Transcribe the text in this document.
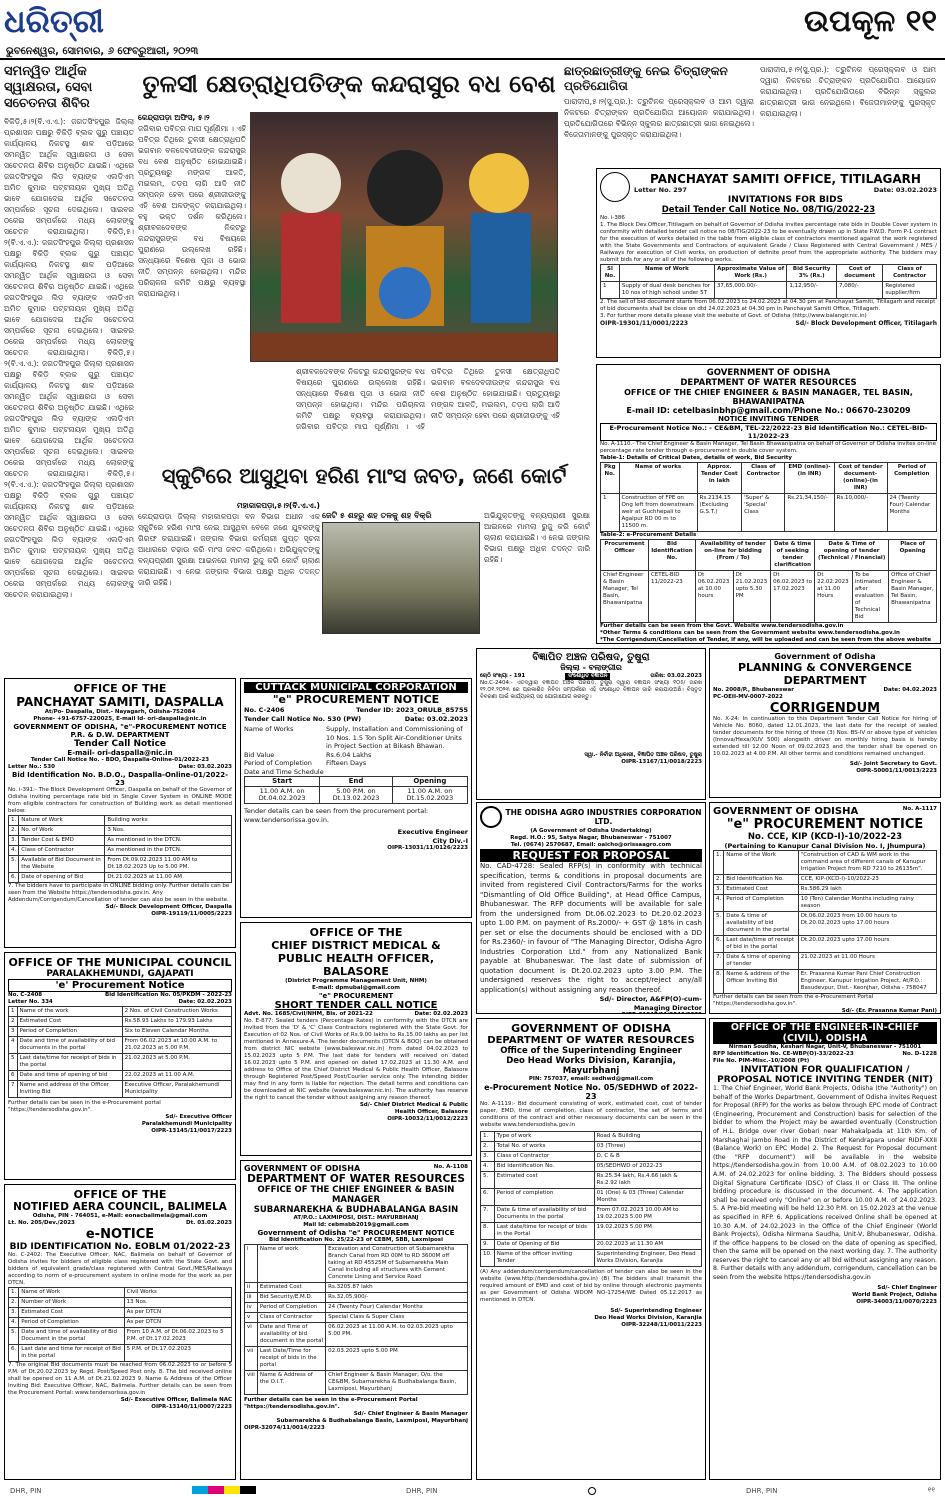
ଧରିତ୍ରୀ	ଉପକୂଳ ୧୧
ଭୁବନେଶ୍ୱର, ସୋମବାର, ୬ ଫେବ୍ରୁଆରୀ, ୨୦୨୩
ସମନ୍ୱିତ ଆର୍ଥିକ ସ୍ୱାକ୍ଷରତା, ସେବା ସଚେତନତା ଶିବିର
ବିକିଡ଼ି,୫।୨(ବି.ଏ.ଏ.): ଜଗତସିଂହପୁର ଜିଲ୍ଲା ପ୍ରଶାସନ ପକ୍ଷରୁ ବିକିଡ଼ି ବ୍ଲକ ଗୁରୁ ପଞ୍ଚାୟତ କାର୍ଯ୍ୟାଳୟ ନିକଟସ୍ଥ ଶାଳ ପଡ଼ିଆରେ ସମନ୍ୱିତ ଆର୍ଥିକ ସ୍ୱାକ୍ଷରତା ଓ ସେବା ସଚେତନତା ଶିବିର ଅନୁଷ୍ଠିତ ଯାଇଛି। ଏଥିରେ ଜଗତସିଂହପୁର ଲିଡ଼ ବ୍ୟାଙ୍କ ଏଲଡ଼ିଏମ ଅମିତ କୁମାର ପଟ୍ଟନାୟକ ମୁଖ୍ୟ ଅତିଥି ଭାବେ ଯୋଗଦେଇ ଆର୍ଥିକ ସଚେତନତା ସମ୍ପର୍କରେ ସୂଚନା ଦେଇଥିଲେ। ସାଇବର ଠକେଇ ସମ୍ପର୍କରେ ମଧ୍ୟ ଲୋକଙ୍କୁ ସଚେତନ କରାଯାଇଥିଲା।	ବିକିଡ଼ି,୫।୨(ବି.ଏ.ଏ.): ଜଗତସିଂହପୁର ଜିଲ୍ଲା ପ୍ରଶାସନ ପକ୍ଷରୁ ବିକିଡ଼ି ବ୍ଲକ ଗୁରୁ ପଞ୍ଚାୟତ କାର୍ଯ୍ୟାଳୟ ନିକଟସ୍ଥ ଶାଳ ପଡ଼ିଆରେ ସମନ୍ୱିତ ଆର୍ଥିକ ସ୍ୱାକ୍ଷରତା ଓ ସେବା ସଚେତନତା ଶିବିର ଅନୁଷ୍ଠିତ ଯାଇଛି। ଏଥିରେ ଜଗତସିଂହପୁର ଲିଡ଼ ବ୍ୟାଙ୍କ ଏଲଡ଼ିଏମ ଅମିତ କୁମାର ପଟ୍ଟନାୟକ ମୁଖ୍ୟ ଅତିଥି ଭାବେ ଯୋଗଦେଇ ଆର୍ଥିକ ସଚେତନତା ସମ୍ପର୍କରେ ସୂଚନା ଦେଇଥିଲେ। ସାଇବର ଠକେଇ ସମ୍ପର୍କରେ ମଧ୍ୟ ଲୋକଙ୍କୁ ସଚେତନ କରାଯାଇଥିଲା।	ବିକିଡ଼ି,୫।୨(ବି.ଏ.ଏ.): ଜଗତସିଂହପୁର ଜିଲ୍ଲା ପ୍ରଶାସନ ପକ୍ଷରୁ ବିକିଡ଼ି ବ୍ଲକ ଗୁରୁ ପଞ୍ଚାୟତ କାର୍ଯ୍ୟାଳୟ ନିକଟସ୍ଥ ଶାଳ ପଡ଼ିଆରେ ସମନ୍ୱିତ ଆର୍ଥିକ ସ୍ୱାକ୍ଷରତା ଓ ସେବା ସଚେତନତା ଶିବିର ଅନୁଷ୍ଠିତ ଯାଇଛି। ଏଥିରେ ଜଗତସିଂହପୁର ଲିଡ଼ ବ୍ୟାଙ୍କ ଏଲଡ଼ିଏମ ଅମିତ କୁମାର ପଟ୍ଟନାୟକ ମୁଖ୍ୟ ଅତିଥି ଭାବେ ଯୋଗଦେଇ ଆର୍ଥିକ ସଚେତନତା ସମ୍ପର୍କରେ ସୂଚନା ଦେଇଥିଲେ। ସାଇବର ଠକେଇ ସମ୍ପର୍କରେ ମଧ୍ୟ ଲୋକଙ୍କୁ ସଚେତନ କରାଯାଇଥିଲା।	ବିକିଡ଼ି,୫।୨(ବି.ଏ.ଏ.): ଜଗତସିଂହପୁର ଜିଲ୍ଲା ପ୍ରଶାସନ ପକ୍ଷରୁ ବିକିଡ଼ି ବ୍ଲକ ଗୁରୁ ପଞ୍ଚାୟତ କାର୍ଯ୍ୟାଳୟ ନିକଟସ୍ଥ ଶାଳ ପଡ଼ିଆରେ ସମନ୍ୱିତ ଆର୍ଥିକ ସ୍ୱାକ୍ଷରତା ଓ ସେବା ସଚେତନତା ଶିବିର ଅନୁଷ୍ଠିତ ଯାଇଛି। ଏଥିରେ ଜଗତସିଂହପୁର ଲିଡ଼ ବ୍ୟାଙ୍କ ଏଲଡ଼ିଏମ ଅମିତ କୁମାର ପଟ୍ଟନାୟକ ମୁଖ୍ୟ ଅତିଥି ଭାବେ ଯୋଗଦେଇ ଆର୍ଥିକ ସଚେତନତା ସମ୍ପର୍କରେ ସୂଚନା ଦେଇଥିଲେ। ସାଇବର ଠକେଇ ସମ୍ପର୍କରେ ମଧ୍ୟ ଲୋକଙ୍କୁ ସଚେତନ କରାଯାଇଥିଲା।
ତୁଳସୀ କ୍ଷେତ୍ରାଧିପତିଙ୍କ କନ୍ଦରାସୁର ବଧ ବେଶ
କେନ୍ଦ୍ରାପଡ଼ା ଅଫିସ, ୫।୨
ଜଗିବାର ପବିତ୍ର ମାଘ ପୂର୍ଣ୍ଣିମା । ଏହି ପବିତ୍ର ତିଥିରେ ତୁଳସୀ କ୍ଷେତ୍ରାଧିପତି ଭଗବାନ ବଳଦେବଜୀଉଙ୍କ କନ୍ଦରାସୁର ବଧ ବେଶ ଅନୁଷ୍ଠିତ ହୋଇଯାଇଛି। ପ୍ରତ୍ୟୁଷରୁ ମଙ୍ଗଳ ଆଳତି, ମଇଲମ, ତଡ଼ପ ଲାଗି ଆଦି ନୀତି ସମ୍ପନ୍ନ ହେବା ପରେ ଶ୍ରୀଜୀଉଙ୍କୁ ଏହି ବେଶ ଅଳଙ୍କୃତ କରାଯାଇଥିଲା। ବହୁ ଭକ୍ତ ଦର୍ଶନ କରିଥିଲେ। ଶ୍ରୀବଳଦେବଙ୍କ ନିକଟରୁ କନ୍ଦରାସୁରଙ୍କ ବଧ ବିଷୟରେ ପୁରାଣରେ ଉଲ୍ଲେଖ ରହିଛି। ସନ୍ଧ୍ୟାରେ ବିଶେଷ ପୂଜା ଓ ଭୋଗ ନୀତି ସମ୍ପନ୍ନ ହୋଇଥିଲା। ମନ୍ଦିର ପରିଚାଳନା କମିଟି ପକ୍ଷରୁ ବ୍ୟବସ୍ଥା କରାଯାଇଥିଲା।
ଶ୍ରୀବଳଦେବଙ୍କ ନିକଟରୁ କନ୍ଦରାସୁରଙ୍କ ବଧ ବିଷୟରେ ପୁରାଣରେ ଉଲ୍ଲେଖ ରହିଛି। ସନ୍ଧ୍ୟାରେ ବିଶେଷ ପୂଜା ଓ ଭୋଗ ନୀତି ସମ୍ପନ୍ନ ହୋଇଥିଲା। ମନ୍ଦିର ପରିଚାଳନା କମିଟି ପକ୍ଷରୁ ବ୍ୟବସ୍ଥା କରାଯାଇଥିଲା। ଜଗିବାର ପବିତ୍ର ମାଘ ପୂର୍ଣ୍ଣିମା । ଏହି ପବିତ୍ର ତିଥିରେ ତୁଳସୀ କ୍ଷେତ୍ରାଧିପତି ଭଗବାନ ବଳଦେବଜୀଉଙ୍କ କନ୍ଦରାସୁର ବଧ ବେଶ ଅନୁଷ୍ଠିତ ହୋଇଯାଇଛି। ପ୍ରତ୍ୟୁଷରୁ ମଙ୍ଗଳ ଆଳତି, ମଇଲମ, ତଡ଼ପ ଲାଗି ଆଦି ନୀତି ସମ୍ପନ୍ନ ହେବା ପରେ ଶ୍ରୀଜୀଉଙ୍କୁ ଏହି
ଛାତ୍ରଛାତ୍ରୀଙ୍କୁ ନେଇ ଚିତ୍ରାଙ୍କନ ପ୍ରତିଯୋଗିତା
ପାରାଦୀପ,୫।୨(ସୁ.ପ୍ର.): ତ୍ରୁଟିନକ ପ୍ରେସ୍‌କ୍ଲବ ଓ ଆମ ଦ୍ୱାରା ନିକଟରେ ଚିତ୍ରାଙ୍କନ ପ୍ରତିଯୋଗିତା ଆୟୋଜନ କରାଯାଇଥିଲା। ପ୍ରତିଯୋଗିତାରେ ବିଭିନ୍ନ ସ୍କୁଲର ଛାତ୍ରଛାତ୍ରୀ ଭାଗ ନେଇଥିଲେ। ବିଜେତାମାନଙ୍କୁ ପୁରସ୍କୃତ କରାଯାଇଥିଲା।
ପାରାଦୀପ,୫।୨(ସୁ.ପ୍ର.): ତ୍ରୁଟିନକ ପ୍ରେସ୍‌କ୍ଲବ ଓ ଆମ ଦ୍ୱାରା ନିକଟରେ ଚିତ୍ରାଙ୍କନ ପ୍ରତିଯୋଗିତା ଆୟୋଜନ କରାଯାଇଥିଲା। ପ୍ରତିଯୋଗିତାରେ ବିଭିନ୍ନ ସ୍କୁଲର ଛାତ୍ରଛାତ୍ରୀ ଭାଗ ନେଇଥିଲେ। ବିଜେତାମାନଙ୍କୁ ପୁରସ୍କୃତ କରାଯାଇଥିଲା।
PANCHAYAT SAMITI OFFICE, TITILAGARH
Letter No. 297	Date: 03.02.2023
INVITATIONS FOR BIDS
Detail Tender Call Notice No. 08/TIG/2022-23
No. i-386
1. The Block Dev.Officer,Titilagarh on behalf of Governor of Odisha invites percentage rate bids in Double Cover system in conformity with detailed tender call notice no 08/TIG/2022-23 to be eventually drawn up in State P.W.D. Form P-1 contract for the execution of works detailed in the table from eligible class of contractors mentioned against the work registered with the State Governments and Contractors of equivalent Grade / Class Registered with Central Government / MES / Railways for execution of Civil works, on production of definite proof from the appropriate authority. The bidders may submit bids for any or all of the following works.
Sl No.	Name of Work	Approximate Value of Work (Rs.)	Bid Security 3% (Rs.)	Cost of document	Class of Contractor
1	Supply of dual desk benches for 10 nos of high school under 5T	37,65,000.00/-	1,12,950/-	7,080/-	Registered supplier/firm
2. The sell of bid document starts from 06.02.2023 to 24.02.2023 at 04.30 pm at Panchayat Samiti, Titilagarh and receipt of bid documents shall be close on dtd 24.02.2023 at 04.30 pm in Panchayat Samiti Office, Titilagarh.
3. For further more details please visit the website of Govt. of Odisha (http://www.balangir.nic.in)
OIPR-19301/11/0001/2223	Sd/- Block Development Officer, Titilagarh
ସ୍କୁଟିରେ ଆସୁଥିବା ହରିଣ ମାଂସ ଜବତ, ଜଣେ କୋର୍ଟ
ମହାକାଳପଡ଼ା,୫।୨(ବି.ଏ.ଏ.)
କେନ୍ଦ୍ରାପଡ଼ା ଜିଲ୍ଲା ମହାକାଳପଡ଼ା ବନ ବିଭାଗ ଅଧୀନ ଏକ ସ୍କୁଟିରେ ହରିଣ ମାଂସ ନେଇ ଆସୁଥିବା ବେଳେ ଜଣେ ଯୁବକଙ୍କୁ ଗିରଫ କରାଯାଇଛି। ଜଙ୍ଗଲ ବିଭାଗ କର୍ମଚାରୀ ଗୁପ୍ତ ସୂଚନା ଆଧାରରେ ଚଢ଼ାଉ କରି ମାଂସ ଜବତ କରିଥିଲେ। ଅଭିଯୁକ୍ତଙ୍କୁ ବନ୍ୟପ୍ରାଣୀ ସୁରକ୍ଷା ଆଇନରେ ମାମଲା ରୁଜୁ କରି କୋର୍ଟ ଚାଲାଣ କରାଯାଇଛି। ଏ ନେଇ ଜଙ୍ଗଲ ବିଭାଗ ପକ୍ଷରୁ ଅଧିକ ତଦନ୍ତ ଜାରି ରହିଛି।
ଜେଟି ୫ ଶହରୁ ଶହ ତଳକୁ ଶହ ବିକ୍ରି	ଅଭିଯୁକ୍ତଙ୍କୁ ବନ୍ୟପ୍ରାଣୀ ସୁରକ୍ଷା ଆଇନରେ ମାମଲା ରୁଜୁ କରି କୋର୍ଟ ଚାଲାଣ କରାଯାଇଛି। ଏ ନେଇ ଜଙ୍ଗଲ ବିଭାଗ ପକ୍ଷରୁ ଅଧିକ ତଦନ୍ତ ଜାରି ରହିଛି।
GOVERNMENT OF ODISHA
DEPARTMENT OF WATER RESOURCES
OFFICE OF THE CHIEF ENGINEER & BASIN MANAGER, TEL BASIN, BHAWANIPATNA
E-mail ID: cetelbasinbhp@gmail.com/Phone No.: 06670-230209
NOTICE INVITING TENDER
E-Procurement Notice No.: - CE&BM, TEL-22/2022-23 Bid Identification No.: CETEL-BID-11/2022-23
No. A-1110.- The Chief Engineer & Basin Manager, Tel Basin Bhawanipatna on behalf of Governor of Odisha invites on-line percentage rate tender through e-procurement in double cover system.
Table-1: Details of Critical Dates, details of work, Bid Security
Pkg No.	Name of works	Approx. Tender Cost in lakh	Class of Contractor	EMD (online)-(in INR)	Cost of tender document-(online)-(in INR)	Period of Completion
1	Construction of FPE on Ong left from downstream weir at Guchhepali to Agalpur RD 00 m to 11500 m.	Rs.2134.15 (Excluding G.S.T.)	'Super' & 'Special' Class	Rs.21,34,150/-	Rs.10,000/-	24 (Twenty Four) Calendar Months
Table-2: e-Procurement Details
Procurement Officer	Bid Identification No.	Availability of tender on-line for bidding (From / To)		Date & time of seeking tender clarification	Date & Time of opening of tender (Technical / Financial)		Place of Opening
Chief Engineer & Basin Manager, Tel Basin, Bhawanipatna	CETEL-BID 11/2022-23	Dt 06.02.2023 at 10.00 hours	Dt 21.02.2023 upto 5.30 PM	Dt 06.02.2023 to 17.02.2023	Dt 22.02.2023 at 11.00 Hours	To be intimated after evaluation of Technical Bid	Office of Chief Engineer & Basin Manager, Tel Basin, Bhawanipatna
Further details can be seen from the Govt. Website www.tendersodisha.gov.in
*Other Terms & conditions can be seen from the Government website www.tendersodisha.gov.in
*The Corrigendum/Cancellation of Tender, if any, will be uploaded and can be seen from the above website
OFFICE OF THE
PANCHAYAT SAMITI, DASPALLA
At/Po- Daspalla, Dist.- Nayagarh, Odisha-752084
Phone- +91-6757-220025, E-mail Id- ori-daspalla@nic.in
GOVERNMENT OF ODISHA, "e"-PROCUREMENT NOTICE
P.R. & D.W. DEPARTMENT
Tender Call Notice
E-mail- ori-daspalla@nic.in
Tender Call Notice No. - BDO, Daspalla-Online-01/2022-23
Letter No.: 530	Date: 03.02.2023
Bid Identification No. B.D.O., Daspalla-Online-01/2022-23
No. i-391:- The Block Development Officer, Daspalla on behalf of the Governor of Odisha inviting percentage rate bid in Single Cover System in ONLINE MODE from eligible contractors for construction of Building work as detail mentioned below:
1.	Nature of Work	Building works
2.	No. of Work	3 Nos.
3.	Tender Cost & EMD	As mentioned in the DTCN.
4.	Class of Contractor	As mentioned in the DTCN.
5.	Available of Bid Document in the Website	From Dt.09.02.2023 11.00 AM to Dt.18.02.2023 Up to 5.00 PM.
6.	Date of opening of Bid	Dt.21.02.2023 at 11.00 AM
7. The bidders have to participate in ONLINE bidding only. Further details can be seen from the Website https://tendersodisha.gov.in. Any Addendum/Corrigendum/Cancellation of tender can also be seen in the website.
Sd/- Block Development Officer, Daspalla
OIPR-19119/11/0005/2223
CUTTACK MUNICIPAL CORPORATION
"e" PROCUREMENT NOTICE
No. C-2406	Tender ID: 2023_ORULB_85755
Tender Call Notice No. 530 (PW)	Date: 03.02.2023
Name of Works	Supply, Installation and Commissioning of 10 Nos. 1.5 Ton Split Air-Conditioner Units in Project Section at Bikash Bhawan.
Bid Value	Rs.6.04 Lakhs
Period of Completion	Fifteen Days
Date and Time Schedule
Start	End	Opening
11.00 A.M. on Dt.04.02.2023	5.00 P.M. on Dt.13.02.2023	11.00 A.M. on Dt.15.02.2023
Tender details can be seen from the procurement portal: www.tendersorissa.gov.in.
Executive Engineer
City Div.-I
OIPR-13031/11/0126/2223
ବିଜ୍ଞାପିତ ଅଞ୍ଚଳ ପରିଷଦ, ତୁଷୁରା
ଜିଲ୍ଲା - ବଲାଙ୍ଗୀର
ଚୋଠି ସଂଖ୍ୟା - 191	ସଂଶୋଧିତ ବିଜ୍ଞାପନ	ତାରିଖ: 03.02.2023
No.C-2404:- ଏତଦ୍ୱାରା ବିଜ୍ଞାପିତ ଅଞ୍ଚଳ ପରିଷଦ, ତୁଷୁରା ଦ୍ୱାରା ବିଜ୍ଞାପନ ସଂଖ୍ୟା ୧୦୫/ ତାରିଖ ୧୨.୦୧.୨୦୨୩ ରେ ପ୍ରକାଶିତ ନିବିଦା ସମ୍ପର୍କରେ ଏହି ସଂଶୋଧିତ ବିଜ୍ଞାପନ ଜାରି କରାଯାଉଅଛି। ବିସ୍ତୃତ ବିବରଣୀ ପାଇଁ କାର୍ଯ୍ୟାଳୟ ସହ ଯୋଗାଯୋଗ କରନ୍ତୁ।
ସ୍ୱା.- ନିର୍ବାହୀ ଅଧିକାରୀ, ବିଜ୍ଞାପିତ ଅଞ୍ଚଳ ପରିଷଦ, ତୁଷୁରା
OIPR-13167/11/0018/2223
Government of Odisha
PLANNING & CONVERGENCE DEPARTMENT
No. 2008/P., Bhubaneswar	Date: 04.02.2023
PC-OEII-MV-0007-2022
CORRIGENDUM
No. X-24: In continuation to this Department Tender Call Notice for hiring of Vehicle No. 8060, dated 12.01.2023, the last date for the receipt of sealed tender documents for the hiring of three (3) Nos. BS-IV or above type of vehicles (Innova/Hexa/XUV 500) alongwith driver on monthly hiring basis is hereby extended till 12.00 Noon of 09.02.2023 and the tender shall be opened on 10.02.2023 at 4.00 P.M. All other terms and conditions remained unchanged.
Sd/- Joint Secretary to Govt.
OIPR-50001/11/0013/2223
THE ODISHA AGRO INDUSTRIES CORPORATION LTD.
(A Government of Odisha Undertaking)
Regd. H.O.: 95, Satya Nagar, Bhubaneswar - 751007
Tel. (0674) 2570687, Email: oaicho@orissaagro.com
REQUEST FOR PROPOSAL
No. CAD-4728: Sealed RFP(s) in conformity with technical specification, terms & conditions in proposal documents are invited from registered Civil Contractors/Farms for the works "Dismantling of Old Office Building", at Head Office Campus, Bhubaneswar. The RFP documents will be available for sale from the undersigned from Dt.06.02.2023 to Dt.20.02.2023 upto 1.00 P.M. on payment of Rs.2000/- + GST @ 18% in cash per set or else the documents should be enclosed with a DD for Rs.2360/- in favour of "The Managing Director, Odisha Agro Industries Corporation Ltd." from any Nationalized Bank payable at Bhubaneswar. The last date of submission of quotation document is Dt.20.02.2023 upto 3.00 P.M. The undersigned reserves the right to accept/reject any/all application(s) without assigning any reason thereof.
Sd/- Director, A&FP(O)-cum-
Managing Director
GOVERNMENT OF ODISHA	No. A-1117
"e" PROCUREMENT NOTICE
No. CCE, KIP (KCD-I)-10/2022-23
(Pertaining to Kanupur Canal Division No. I, Jhumpura)
1.	Name of the Work	"Construction of CAD & WM work in the command area of different canals of Kanupur Irrigation Project from RD 7210 to 26135m".
2.	Bid Identification No.	CCE, KIP-(KCD-I)-10/2022-23
3.	Estimated Cost	Rs.586.29 lakh
4.	Period of Completion	10 (Ten) Calendar Months including rainy season
5.	Date & time of availability of bid document in the portal	Dt.06.02.2023 from 10.00 hours to Dt.20.02.2023 upto 17.00 hours
6.	Last date/time of receipt of bid in the portal	Dt.20.02.2023 upto 17.00 hours
7.	Date & time of opening of tender	21.02.2023 at 11.00 Hours
8.	Name & address of the Officer Inviting Bid	Er. Prasanna Kumar Pani Chief Construction Engineer, Kanupur Irrigation Project, At/P.O.: Basudevpur, Dist.- Keonjhar, Odisha - 758047
Further details can be seen from the e-Procurement Portal "https://tendersodisha.gov.in".
Sd/- (Er. Prasanna Kumar Pani)
OFFICE OF THE
CHIEF DISTRICT MEDICAL &
PUBLIC HEALTH OFFICER, BALASORE
(District Programme Management Unit, NHM)
E-mail: dpmubal@gmail.com
"e" PROCUREMENT
SHORT TENDER CALL NOTICE
Advt. No. 1685/Civil/NHM, Bls. of 2021-22	Date: 02.02.2023
No. E-877: Sealed tenders (Percentage Rates) in conformity with the DTCN are invited from the 'D' & 'C' Class Contractors registered with the State Govt. for Execution of 02 Nos. of Civil Works of Rs.9.00 lakhs to Rs.15.00 lakhs as per list mentioned in Annexure-A. The tender documents (DTCN & BOQ) can be obtained from district NIC website (www.baleswar.nic.in) from dated 04.02.2023 to 15.02.2023 upto 5 P.M. The last date for tenders will received on dated 16.02.2023 upto 5 P.M. and opened on dated 17.02.2023 at 11.30 A.M. and address to Office of the Chief District Medical & Public Health Officer, Balasore through Registered Post/Speed Post/Courier service only. The intending bidder may find in any form is liable for rejection. The detail terms and conditions can be downloaded at NIC website (www.baleswar.nic.in). The authority has reserve the right to cancel the tender without assigning any reason thereof.
Sd/- Chief District Medical & Public
Health Officer, Balasore
OIPR-10032/11/0012/2223
OFFICE OF THE MUNICIPAL COUNCIL
PARALAKHEMUNDI, GAJAPATI
'e' Procurement Notice
No. C-2408	Bid Identification No. 05/PKDM - 2022-23
Letter No. 334	Date: 02.02.2023
1	Name of the work	2 Nos. of Civil Construction Works
2	Estimated Cost	Rs.58.93 Lakhs to 179.93 Lakhs
3	Period of Completion	Six to Eleven Calendar Months
4	Date and time of availability of bid documents in the portal	From 06.02.2023 at 10.00 A.M. to 21.02.2023 at 5.00 P.M.
5	Last date/time for receipt of bids in the portal	21.02.2023 at 5.00 P.M.
6	Date and time of opening of bid	22.02.2023 at 11.00 A.M.
7	Name and address of the Officer Inviting Bid	Executive Officer, Paralakhemundi Municipality
Further details can be seen in the e-Procurement portal "https://tendersodisha.gov.in".
Sd/- Executive Officer
Paralakhemundi Municipality
OIPR-13145/11/0017/2223
OFFICE OF THE ENGINEER-IN-CHIEF (CIVIL), ODISHA
Nirman Soudha, Keshari Nagar, Unit-V, Bhubaneswar - 751001
RFP Identification No. CE-WBP(O)-33/2022-23	No. D-1228
File No. PIM-Misc.-10/2008 (Pt)
INVITATION FOR QUALIFICATION / PROPOSAL NOTICE INVITING TENDER (NIT)
1. The Chief Engineer, World Bank Projects, Odisha (the "Authority") on behalf of the Works Department, Government of Odisha invites Request for Proposal (RFP) for the works as below through EPC mode of Contract (Engineering, Procurement and Construction) basis for selection of the bidder to whom the Project may be awarded eventually (Construction of H.L. Bridge over river Gobari near Mahakalpada at 11th Km. of Marshaghai Jambo Road in the District of Kendrapara under RIDF-XXII (Balance Work) on EPC Mode) 2. The Request for Proposal document (the "RFP document") will be available in the website https://tendersodisha.gov.in from 10.00 A.M. of 08.02.2023 to 10.00 A.M. of 24.02.2023 for online bidding. 3. The Bidders should possess Digital Signature Certificate (DSC) of Class II or Class III. The online bidding procedure is discussed in the document. 4. The application shall be received only "Online" on or before 10.00 A.M. of 24.02.2023. 5. A Pre-bid meeting will be held 12.30 P.M. on 15.02.2023 at the venue as specified in RFP. 6. Applications received Online shall be opened at 10.30 A.M. of 24.02.2023 in the Office of the Chief Engineer (World Bank Projects), Odisha Nirmana Saudha, Unit-V, Bhubaneswar, Odisha. If the office happens to be closed on the date of opening as specified, then the same will be opened on the next working day. 7. The authority reserves the right to cancel any or all bid without assigning any reason. 8. Further details with any addendum, corrigendum, cancellation can be seen from the website https://tendersodisha.gov.in
Sd/- Chief Engineer
World Bank Project, Odisha
OIPR-34003/11/0070/2223
GOVERNMENT OF ODISHA
DEPARTMENT OF WATER RESOURCES
Office of the Superintending Engineer
Deo Head Works Division, Karanjia, Mayurbhanj
PIN: 757037, email: sedhwd@gmail.com
e-Procurement Notice No. 05/SEDHWD of 2022-23
No. A-1119:- Bid document consisting of work, estimated cost, cost of tender paper, EMD, time of completion, class of contractor, the set of terms and conditions of the contract and other necessary documents can be seen in the website www.tendersodisha.gov.in
1.	Type of work	Road & Building
2.	Total No. of works	03 (Three)
3.	Class of Contractor	D, C & B
4.	Bid Identification No.	05/SEDHWD of 2022-23
5.	Estimated cost	Rs.25.34 lakh, Rs.4.66 lakh & Rs.2.92 lakh
6.	Period of completion	01 (One) & 03 (Three) Calendar Months
7.	Date & time of availability of bid Documents in the portal	From 07.02.2023 10.00 AM to 19.02.2023 5.00 PM
8.	Last date/time for receipt of bids in the Portal	19.02.2023 5.00 PM
9.	Date of Opening of Bid	20.02.2023 at 11.30 AM
10.	Name of the officer inviting Tender	Superintending Engineer, Deo Head Works Division, Karanjia
(A) Any addendum/corrigendum/cancellation of tender can also be seen in the website (www.http://tendersodisha.gov.in) (B) The bidders shall transmit the required amount of EMD and cost of bid by online through electronic payments as per Government of Odisha WDOM NO-17254/WE Dated 05.12.2017 as mentioned in DTCN.
Sd/- Superintending Engineer
Deo Head Works Division, Karanjia
OIPR-32248/11/0011/2223
GOVERNMENT OF ODISHA	No. A-1108
DEPARTMENT OF WATER RESOURCES
OFFICE OF THE CHIEF ENGINEER & BASIN MANAGER
SUBARNAREKHA & BUDHABALANGA BASIN
AT/P.O.: LAXMIPOSI, DIST.: MAYURBHANJ
Mail Id: cebmsbb2019@gmail.com
Government of Odisha "e" PROCUREMENT NOTICE
Bid Identification No. 25/22-23 of CEBM, SBB, Laxmiposi
i	Name of work	Excavation and Construction of Subarnarekha Branch Canal from RD 00M to RD 3600M off taking at RD 45525M of Subarnarekha Main Canal including all structures with Cement Concrete Lining and Service Road
ii	Estimated Cost	Rs.3205.87 lakh
iii	Bid Security/E.M.D.	Rs.32,05,900/-
iv	Period of Completion	24 (Twenty Four) Calendar Months
v	Class of Contractor	Special Class & Super Class
vi	Date and Time of availability of bid document in the portal	06.02.2023 at 11.00 A.M. to 02.03.2023 upto 5.00 PM.
vii	Last Date/Time for receipt of bids in the portal	02.03.2023 upto 5.00 PM
viii	Name & Address of the O.I.T.	Chief Engineer & Basin Manager, O/o. the CE&BM, Subarnarekha & Budhabalanga Basin, Laxmiposi, Mayurbhanj
Further details can be seen in the e-Procurement Portal "https://tendersodisha.gov.in".
Sd/- Chief Engineer & Basin Manager
Subarnarekha & Budhabalanga Basin, Laxmiposi, Mayurbhanj
OIPR-32074/11/0014/2223
OFFICE OF THE
NOTIFIED AERA COUNCIL, BALIMELA
Odisha, PIN - 764051, e-Mail: eonacbalimela@gmail.com
Lt. No. 205/Dev./2023	Dt. 03.02.2023
e-NOTICE
BID IDENTIFICATION No. EOBLM 01/2022-23
No. C-2402: The Executive Officer, NAC, Balimela on behalf of Governor of Odisha invites for bidders of eligible class registered with the State Govt. and bidders of equivalent grade/class registered with Central Govt./MES/Railways according to norm of e-procurement system in online mode for the work as per DTCN.
1.	Name of Work	Civil Works
2.	Number of Work	13 Nos.
3.	Estimated Cost	As per DTCN
4.	Period of Completion	As per DTCN
5.	Date and time of availability of Bid Document in the portal	From 10 A.M. of Dt.06.02.2023 to 5 P.M. of Dt.17.02.2023
6.	Last date and time for receipt of Bid in the portal	5 P.M. of Dt.17.02.2023
7. The original Bid documents must be reached from 06.02.2023 to or before 5 P.M. of Dt.20.02.2023 by Regd. Post/Speed Post only. 8. The bid received online shall be opened on 11 A.M. of Dt.21.02.2023 9. Name & Address of the Officer Inviting Bid: Executive Officer, NAC, Balimela. Further details can be seen from the Procurement Portal: www.tendersorissa.gov.in
Sd/- Executive Officer, Balimela NAC
OIPR-13140/11/0007/2223
DHR, PIN	DHR, PIN	DHR, PIN	୧୧
